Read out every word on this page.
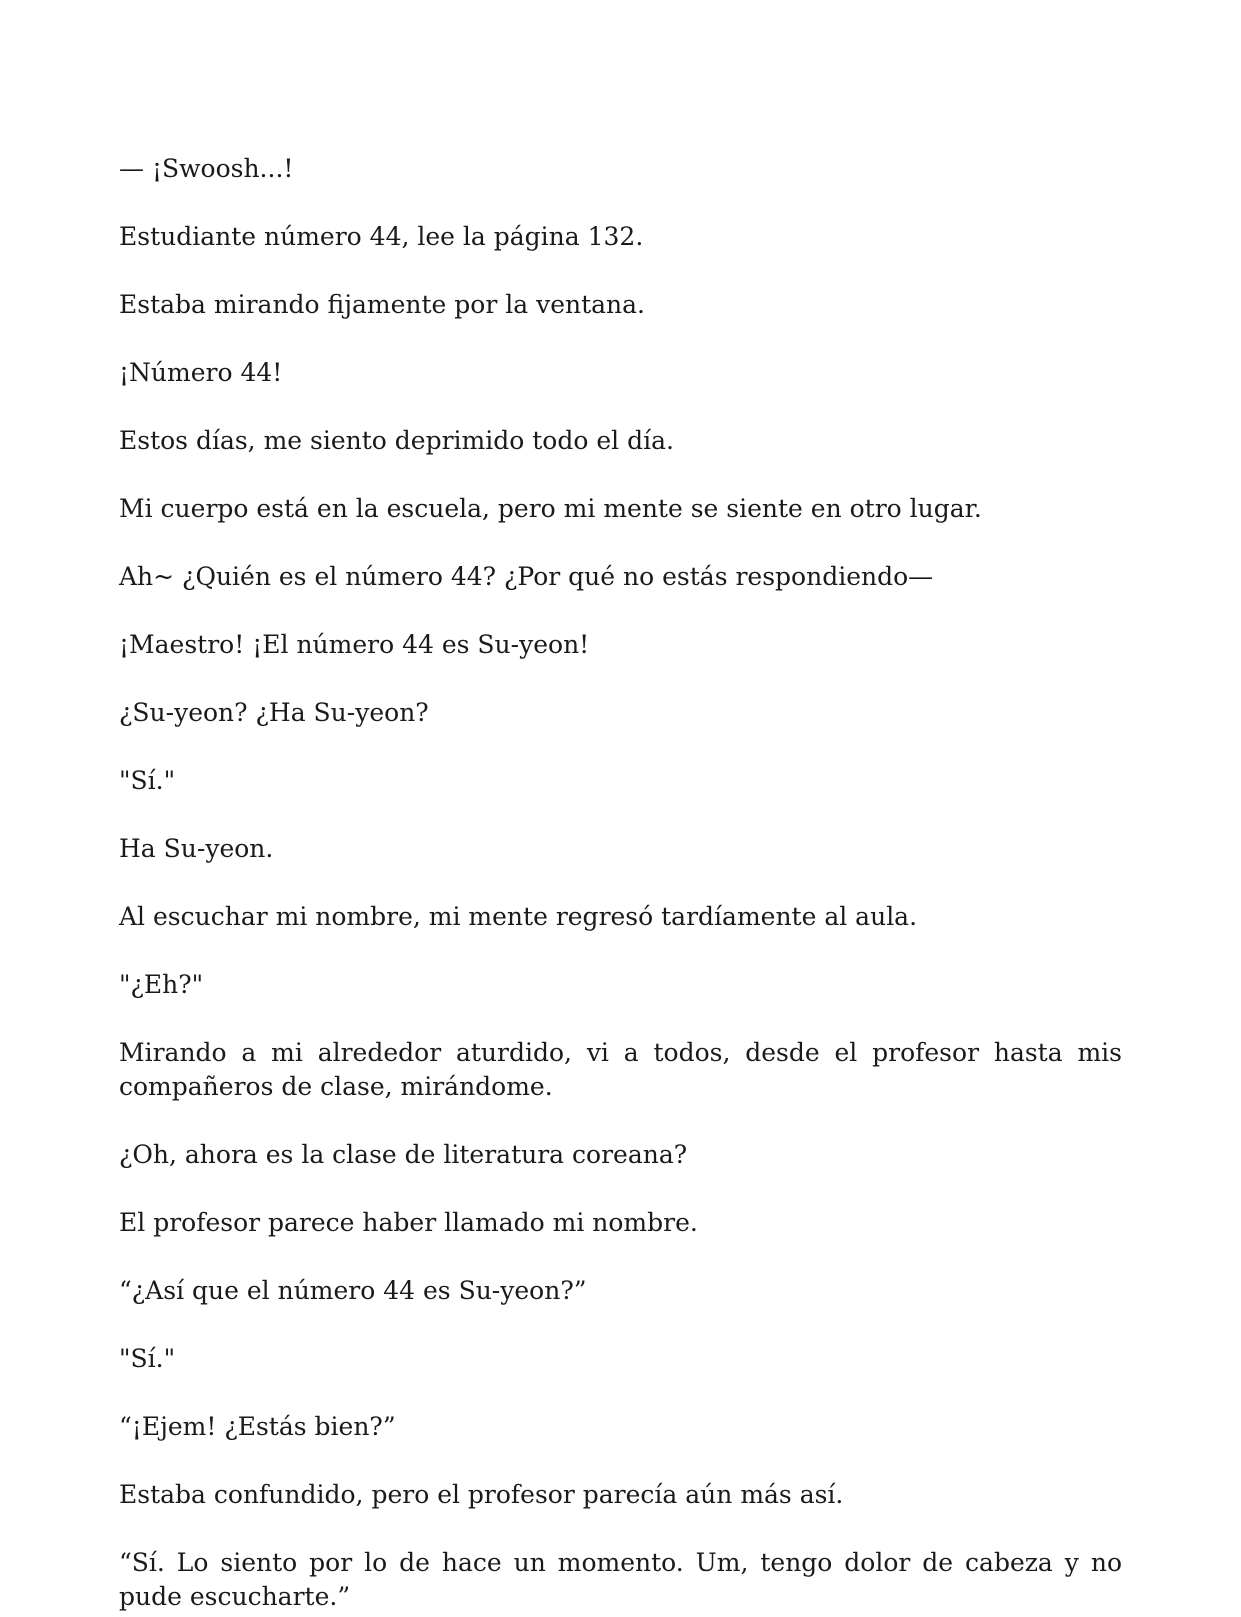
— ¡Swoosh...!

Estudiante número 44, lee la página 132.

Estaba mirando fijamente por la ventana.

¡Número 44!

Estos días, me siento deprimido todo el día.

Mi cuerpo está en la escuela, pero mi mente se siente en otro lugar.

Ah~ ¿Quién es el número 44? ¿Por qué no estás respondiendo—

¡Maestro! ¡El número 44 es Su-yeon!

¿Su-yeon? ¿Ha Su-yeon?

"Sí."

Ha Su-yeon.

Al escuchar mi nombre, mi mente regresó tardíamente al aula.

"¿Eh?"

Mirando a mi alrededor aturdido, vi a todos, desde el profesor hasta mis compañeros de clase, mirándome.

¿Oh, ahora es la clase de literatura coreana?

El profesor parece haber llamado mi nombre.

“¿Así que el número 44 es Su-yeon?”

"Sí."

“¡Ejem! ¿Estás bien?”

Estaba confundido, pero el profesor parecía aún más así.

“Sí. Lo siento por lo de hace un momento. Um, tengo dolor de cabeza y no pude escucharte.”
